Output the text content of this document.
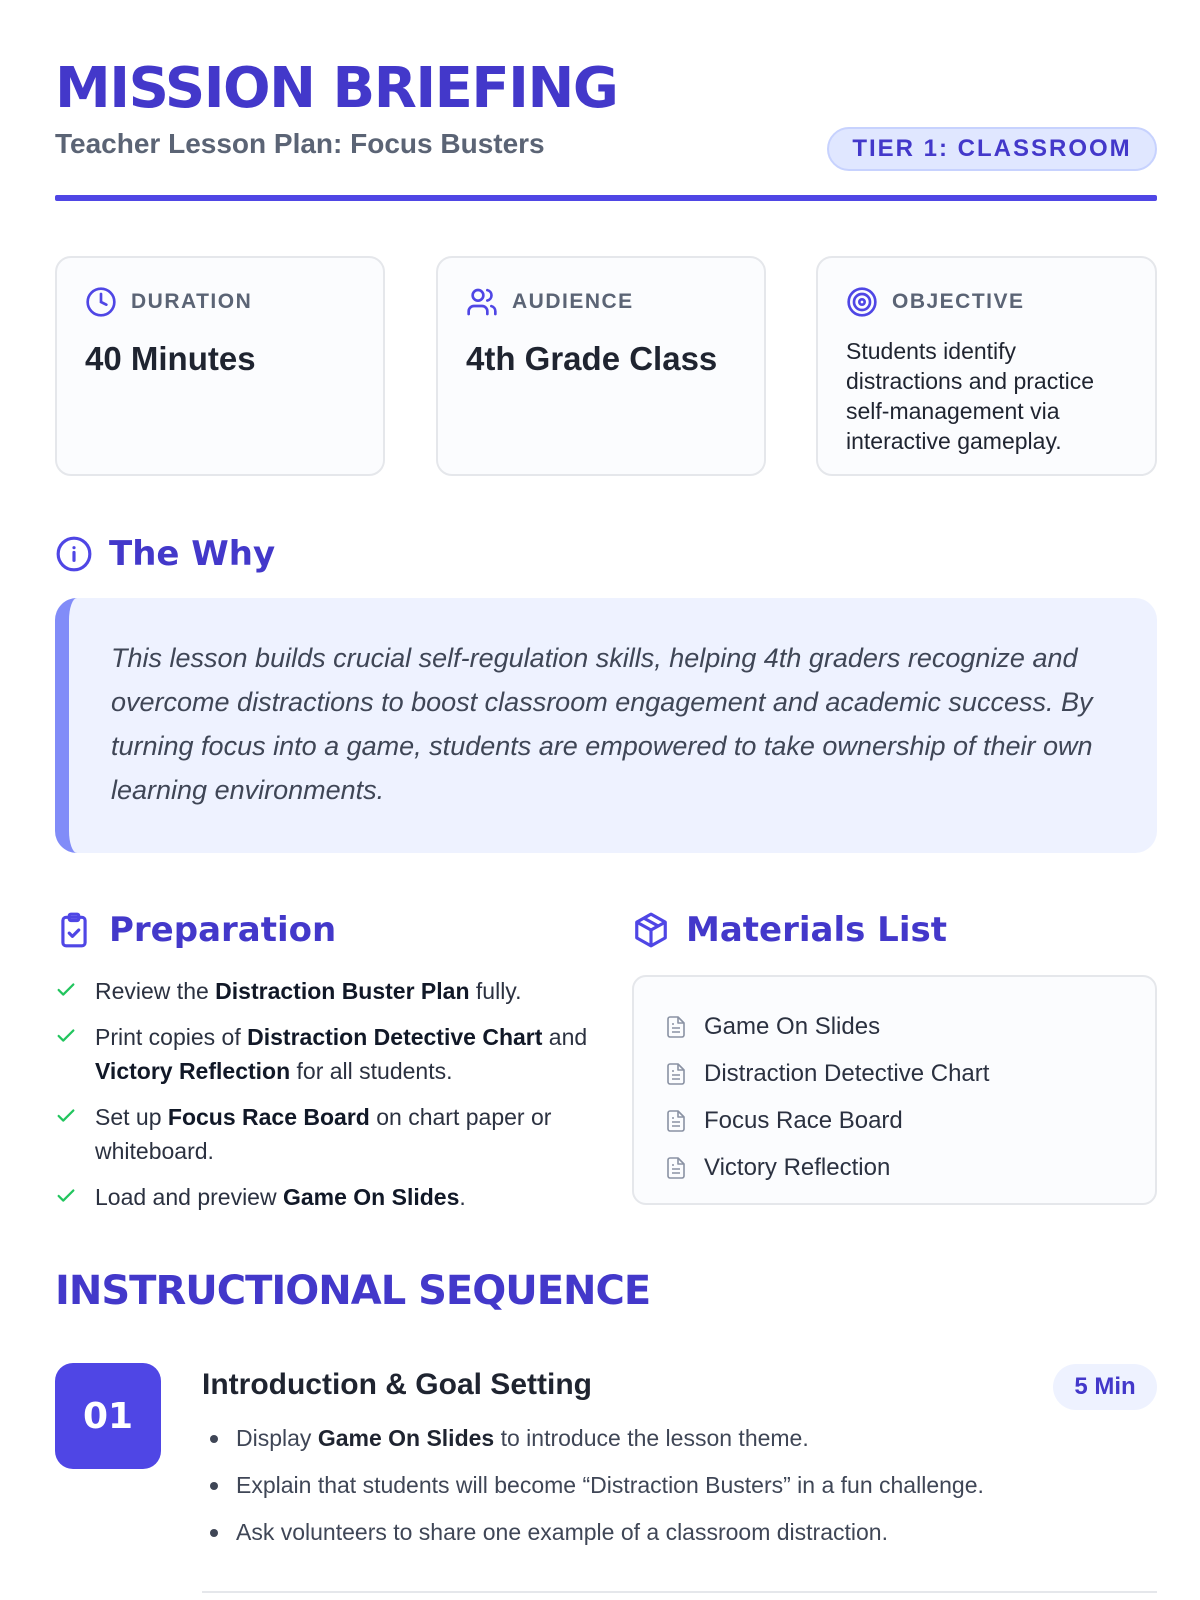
MISSION BRIEFING
Teacher Lesson Plan: Focus Busters	TIER 1: CLASSROOM
DURATION
40 Minutes
AUDIENCE
4th Grade Class
OBJECTIVE
Students identify distractions and practice self-management via interactive gameplay.
The Why

This lesson builds crucial self-regulation skills, helping 4th graders recognize and overcome distractions to boost classroom engagement and academic success. By turning focus into a game, students are empowered to take ownership of their own learning environments.

Preparation
Review the Distraction Buster Plan fully.
Print copies of Distraction Detective Chart and Victory Reflection for all students.
Set up Focus Race Board on chart paper or whiteboard.
Load and preview Game On Slides.
Materials List
Game On Slides
Distraction Detective Chart
Focus Race Board
Victory Reflection
INSTRUCTIONAL SEQUENCE
01
Introduction & Goal Setting	5 Min
Display Game On Slides to introduce the lesson theme.
Explain that students will become “Distraction Busters” in a fun challenge.
Ask volunteers to share one example of a classroom distraction.
